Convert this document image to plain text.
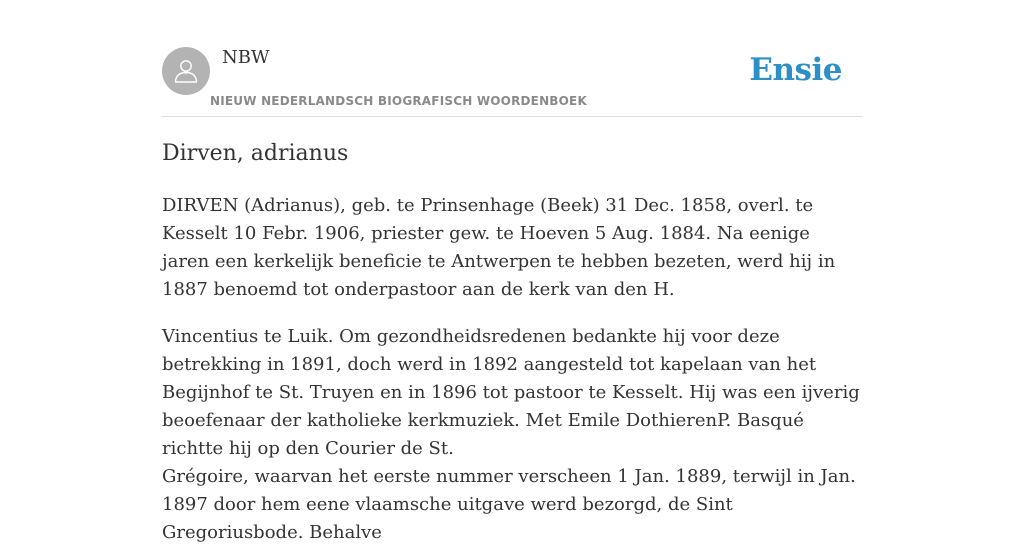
NBW
NIEUW NEDERLANDSCH BIOGRAFISCH WOORDENBOEK
Ensie
Dirven, adrianus

DIRVEN (Adrianus), geb. te Prinsenhage (Beek) 31 Dec. 1858, overl. te Kesselt 10 Febr. 1906, priester gew. te Hoeven 5 Aug. 1884. Na eenige jaren een kerkelijk beneficie te Antwerpen te hebben bezeten, werd hij in 1887 benoemd tot onderpastoor aan de kerk van den H.

Vincentius te Luik. Om gezondheidsredenen bedankte hij voor deze betrekking in 1891, doch werd in 1892 aangesteld tot kapelaan van het Begijnhof te St. Truyen en in 1896 tot pastoor te Kesselt. Hij was een ijverig beoefenaar der katholieke kerkmuziek. Met Emile DothierenP. Basqué richtte hij op den Courier de St.

Grégoire, waarvan het eerste nummer verscheen 1 Jan. 1889, terwijl in Jan. 1897 door hem eene vlaamsche uitgave werd bezorgd, de Sint Gregoriusbode. Behalve
